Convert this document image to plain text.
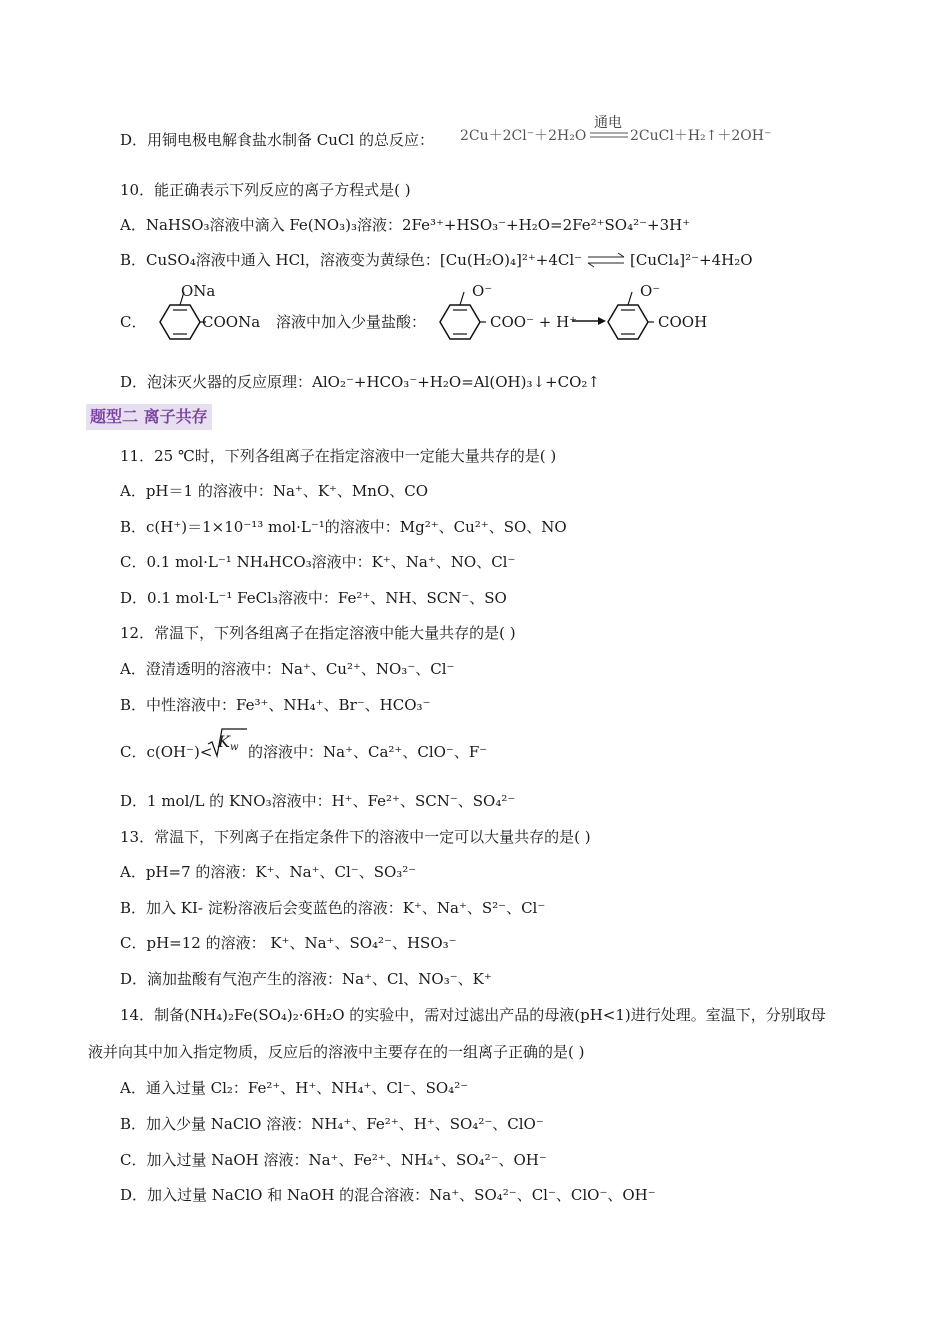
D．用铜电极电解食盐水制备 CuCl 的总反应： 2Cu＋2Cl⁻＋2H₂O
通电
2CuCl＋H₂↑＋2OH⁻
10．能正确表示下列反应的离子方程式是( )
A．NaHSO₃溶液中滴入 Fe(NO₃)₃溶液：2Fe³⁺+HSO₃⁻+H₂O=2Fe²⁺SO₄²⁻+3H⁺
B．CuSO₄溶液中通入 HCl，溶液变为黄绿色：[Cu(H₂O)₄]²⁺+4Cl⁻	[CuCl₄]²⁻+4H₂O
C．
ONa
COONa 溶液中加入少量盐酸：
O⁻
COO⁻ + H⁺
O⁻
COOH
D．泡沫灭火器的反应原理：AlO₂⁻+HCO₃⁻+H₂O=Al(OH)₃↓+CO₂↑
题型二 离子共存
11．25 ℃时，下列各组离子在指定溶液中一定能大量共存的是( )
A．pH＝1 的溶液中：Na⁺、K⁺、MnO、CO
B．c(H⁺)＝1×10⁻¹³ mol·L⁻¹的溶液中：Mg²⁺、Cu²⁺、SO、NO
C．0.1 mol·L⁻¹ NH₄HCO₃溶液中：K⁺、Na⁺、NO、Cl⁻
D．0.1 mol·L⁻¹ FeCl₃溶液中：Fe²⁺、NH、SCN⁻、SO
12．常温下，下列各组离子在指定溶液中能大量共存的是( )
A．澄清透明的溶液中：Na⁺、Cu²⁺、NO₃⁻、Cl⁻
B．中性溶液中：Fe³⁺、NH₄⁺、Br⁻、HCO₃⁻
C．c(OH⁻)<
$K_w$ 的溶液中：Na⁺、Ca²⁺、ClO⁻、F⁻
D．1 mol/L 的 KNO₃溶液中：H⁺、Fe²⁺、SCN⁻、SO₄²⁻
13．常温下，下列离子在指定条件下的溶液中一定可以大量共存的是( )
A．pH=7 的溶液：K⁺、Na⁺、Cl⁻、SO₃²⁻
B．加入 KI- 淀粉溶液后会变蓝色的溶液：K⁺、Na⁺、S²⁻、Cl⁻
C．pH=12 的溶液： K⁺、Na⁺、SO₄²⁻、HSO₃⁻
D．滴加盐酸有气泡产生的溶液：Na⁺、Cl、NO₃⁻、K⁺
14．制备(NH₄)₂Fe(SO₄)₂·6H₂O 的实验中，需对过滤出产品的母液(pH<1)进行处理。室温下，分别取母
液并向其中加入指定物质，反应后的溶液中主要存在的一组离子正确的是( )
A．通入过量 Cl₂：Fe²⁺、H⁺、NH₄⁺、Cl⁻、SO₄²⁻
B．加入少量 NaClO 溶液：NH₄⁺、Fe²⁺、H⁺、SO₄²⁻、ClO⁻
C．加入过量 NaOH 溶液：Na⁺、Fe²⁺、NH₄⁺、SO₄²⁻、OH⁻
D．加入过量 NaClO 和 NaOH 的混合溶液：Na⁺、SO₄²⁻、Cl⁻、ClO⁻、OH⁻
